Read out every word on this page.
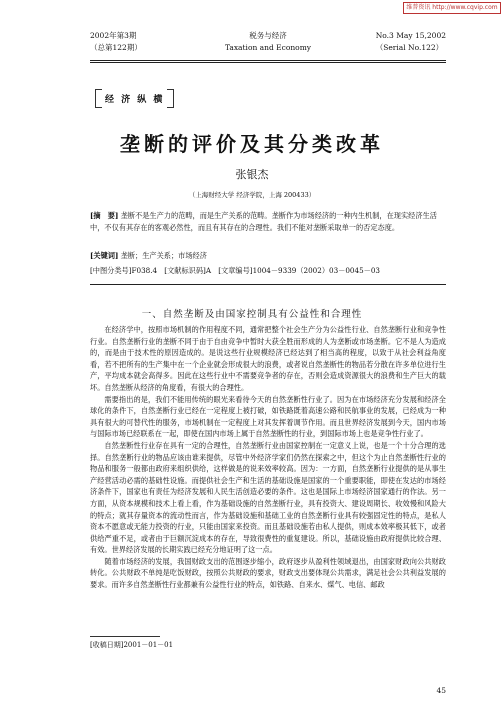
维普资讯 http://www.cqvip.com
2002年第3期
（总第122期）
税务与经济
Taxation and Economy
No.3 May 15,2002
（Serial No.122）
经 济 纵 横
垄断的评价及其分类改革
张银杰
（上海财经大学 经济学院，上海 200433）
[摘　要] 垄断不是生产力的范畴，而是生产关系的范畴。垄断作为市场经济的一种内生机制，在现实经济生活中，不仅有其存在的客观必然性，而且有其存在的合理性。我们不能对垄断采取单一的否定态度。
[关键词] 垄断；生产关系；市场经济
[中图分类号]F038.4　[文献标识码]A　[文章编号]1004－9339（2002）03－0045－03
一、自然垄断及由国家控制具有公益性和合理性

在经济学中，按照市场机制的作用程度不同，通常把整个社会生产分为公益性行业、自然垄断行业和竞争性行业。自然垄断行业的垄断不同于由于自由竞争中暂时大获全胜而形成的人为垄断或市场垄断。它不是人为造成的，而是由于技术性的原因造成的。是说这些行业规模经济已经达到了相当高的程度，以致于从社会利益角度看，若不把所有的生产集中在一个企业就会形成很大的浪费，或者说自然垄断性的物品若分散在许多单位进行生产，平均成本就会高得多。因此在这些行业中不需要竞争者的存在，否则会造成资源很大的浪费和生产巨大的载坏。自然垄断从经济的角度看，有很大的合理性。

需要指出的是，我们不能用传统的眼光来看待今天的自然垄断性行业了。因为在市场经济充分发展和经济全球化的条件下，自然垄断行业已经在一定程度上被打破，如铁路既着高速公路和民航事业的发展，已经成为一种具有很大的可替代性的服务，市场机制在一定程度上对其发挥着调节作用。而且世界经济发展到今天，国内市场与国际市场已经联系在一起，即使在国内市场上属于自然垄断性的行业，到国际市场上也是竞争性行业了。

自然垄断性行业存在具有一定的合理性，自然垄断行业由国家控制在一定意义上说，也是一个十分合理的选择。自然垄断行业的物品应该由谁来提供，尽管中外经济学家们仍然在探索之中，但这个为止自然垄断性行业的物品和服务一般都由政府来组织供给，这样做是的说来效率较高。因为：一方面，自然垄断行业提供的是从事生产经营活动必需的基础性设施。而提供社会生产和生活的基础设施是国家的一个重要职能，即使在发达的市场经济条件下，国家也有责任为经济发展和人民生活创造必要的条件。这也是国际上市场经济国家通行的作法。另一方面，从资本规模和技术上看上看，作为基础设施的自然垄断行业，具有投资大、建设周期长、收效慢和风险大的特点；就其存量资本的流动性而言，作为基础设施和基础工业的自然垄断行业具有较强固定性的特点，是私人资本不愿意或无能力投资的行业，只能由国家来投资。而且基础设施若由私人提供，则成本效率极其低下，或者供给严重不足，或者由于巨额沉淀成本的存在，导致很费性的重复建设。所以，基础设施由政府提供比较合理、有效。世界经济发展的长期实践已经充分地证明了这一点。

随着市场经济的发展，我国财政支出的范围逐步缩小，政府逐步从盈利性领域退出，由国家财政向公共财政转化。公共财政不单纯是吃饭财政，按照公共财政的要求，财政支出要体现公共需求，满足社会公共利益发展的要求。而许多自然垄断性行业都兼有公益性行业的特点，如铁路、自来水、煤气、电信、邮政

[收稿日期]2001－01－01
45
